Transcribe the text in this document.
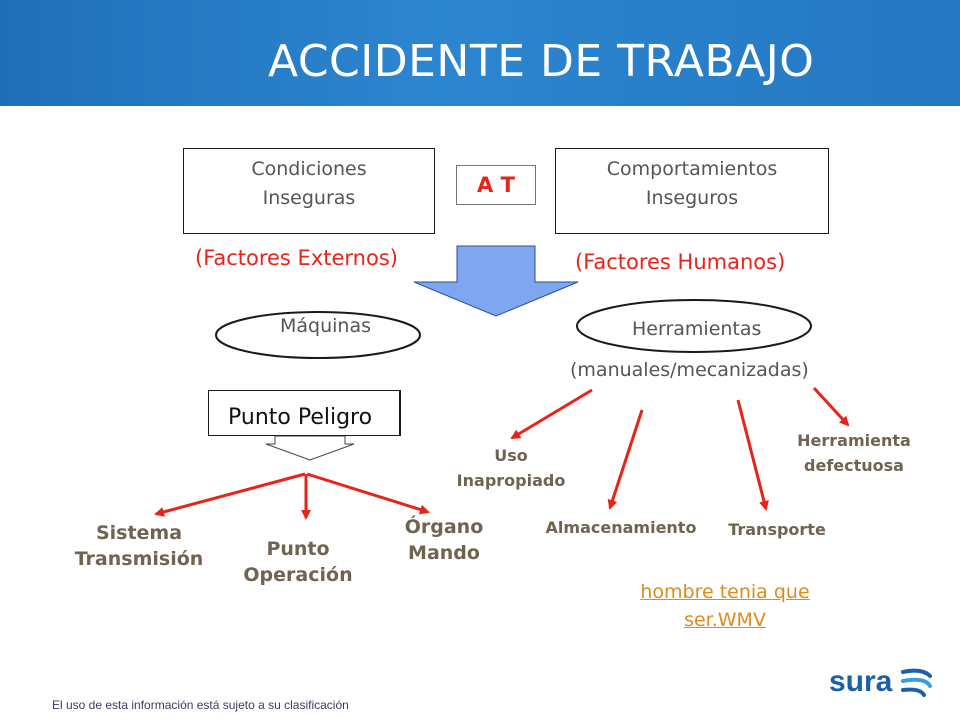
ACCIDENTE DE TRABAJO
Condiciones
Inseguras
A T
Comportamientos
Inseguros
(Factores Externos)	(Factores Humanos)
Máquinas	Herramientas
(manuales/mecanizadas)
Punto Peligro
Sistema
Transmisión	Punto
Operación
Órgano
Mando
Uso
Inapropiado
Almacenamiento	Transporte
Herramienta
defectuosa
hombre tenia que
ser.WMV
El uso de esta información está sujeto a su clasificación
sura
